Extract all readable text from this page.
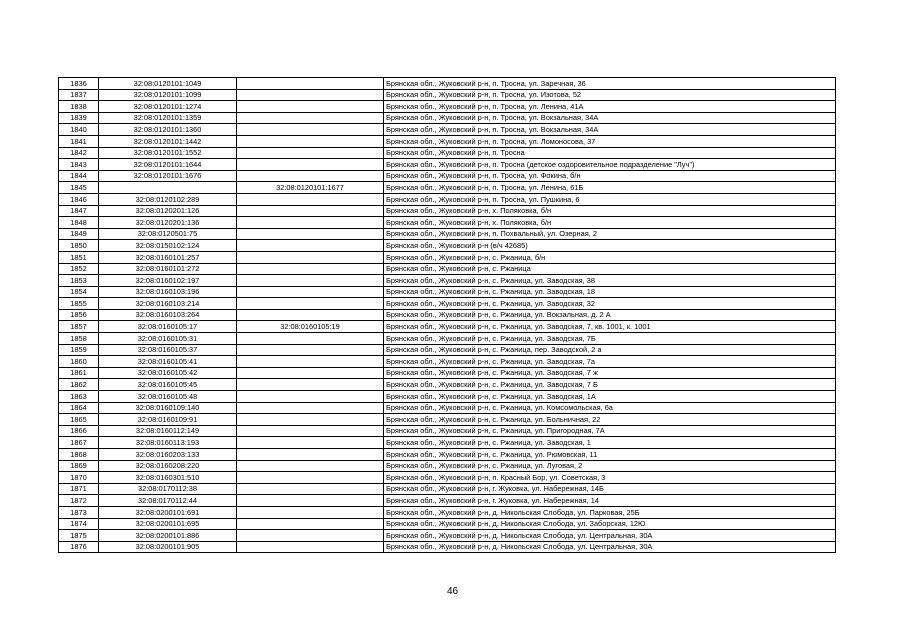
1836	32:08:0120101:1049		Брянская обл., Жуковский р-н, п. Тросна, ул. Заречная, 36
1837	32:08:0120101:1099		Брянская обл., Жуковский р-н, п. Тросна, ул. Изотова, 52
1838	32:08:0120101:1274		Брянская обл., Жуковский р-н, п. Тросна, ул. Ленина, 41А
1839	32:08:0120101:1359		Брянская обл., Жуковский р-н, п. Тросна, ул. Вокзальная, 34А
1840	32:08:0120101:1360		Брянская обл., Жуковский р-н, п. Тросна, ул. Вокзальная, 34А
1841	32:08:0120101:1442		Брянская обл., Жуковский р-н, п. Тросна, ул. Ломоносова, 37
1842	32:08:0120101:1552		Брянская обл., Жуковский р-н, п. Тросна
1843	32:08:0120101:1644		Брянская обл., Жуковский р-н, п. Тросна (детское оздоровительное подразделение "Луч")
1844	32:08:0120101:1676		Брянская обл., Жуковский р-н, п. Тросна, ул. Фокина, б/н
1845		32:08:0120101:1677	Брянская обл., Жуковский р-н, п. Тросна, ул. Ленина, 61Б
1846	32:08:0120102:289		Брянская обл., Жуковский р-н, п. Тросна, ул. Пушкина, 6
1847	32:08:0120201:126		Брянская обл., Жуковский р-н, х. Поляковка, б/н
1848	32:08:0120201:136		Брянская обл., Жуковский р-н, х. Поляковка, б/н
1849	32:08:0120501:75		Брянская обл., Жуковский р-н, п. Похвальный, ул. Озерная, 2
1850	32:08:0150102:124		Брянская обл., Жуковский р-н (в/ч 42685)
1851	32:08:0160101:257		Брянская обл., Жуковский р-н, с. Ржаница, б/н
1852	32:08:0160101:272		Брянская обл., Жуковский р-н, с. Ржаница
1853	32:08:0160102:197		Брянская обл., Жуковский р-н, с. Ржаница, ул. Заводская, 38
1854	32:08:0160103:196		Брянская обл., Жуковский р-н, с. Ржаница, ул. Заводская, 18
1855	32:08:0160103:214		Брянская обл., Жуковский р-н, с. Ржаница, ул. Заводская, 32
1856	32:08:0160103:264		Брянская обл., Жуковский р-н, с. Ржаница, ул. Вокзальная, д. 2 А
1857	32:08:0160105:17	32:08:0160105:19	Брянская обл., Жуковский р-н, с. Ржаница, ул. Заводская, 7, кв. 1001, к. 1001
1858	32:08:0160105:31		Брянская обл., Жуковский р-н, с. Ржаница, ул. Заводская, 7Б
1859	32:08:0160105:37		Брянская обл., Жуковский р-н, с. Ржаница, пер. Заводской, 2 а
1860	32:08:0160105:41		Брянская обл., Жуковский р-н, с. Ржаница, ул. Заводская, 7а
1861	32:08:0160105:42		Брянская обл., Жуковский р-н, с. Ржаница, ул. Заводская, 7 ж
1862	32:08:0160105:45		Брянская обл., Жуковский р-н, с. Ржаница, ул. Заводская, 7 Б
1863	32:08:0160105:48		Брянская обл., Жуковский р-н, с. Ржаница, ул. Заводская, 1А
1864	32:08:0160109:140		Брянская обл., Жуковский р-н, с. Ржаница, ул. Комсомольская, 6а
1865	32:08:0160109:91		Брянская обл., Жуковский р-н, с. Ржаница, ул. Больничная, 22
1866	32:08:0160112:149		Брянская обл., Жуковский р-н, с. Ржаница, ул. Пригородная, 7А
1867	32:08:0160113:193		Брянская обл., Жуковский р-н, с. Ржаница, ул. Заводская, 1
1868	32:08:0160203:133		Брянская обл., Жуковский р-н, с. Ржаница, ул. Рюмовская, 11
1869	32:08:0160208:220		Брянская обл., Жуковский р-н, с. Ржаница, ул. Луговая, 2
1870	32:08:0160301:510		Брянская обл., Жуковский р-н, п. Красный Бор, ул. Советская, 3
1871	32:08:0170112:38		Брянская обл., Жуковский р-н, г. Жуковка, ул. Набережная, 14Б
1872	32:08:0170112:44		Брянская обл., Жуковский р-н, г. Жуковка, ул. Набережная, 14
1873	32:08:0200101:691		Брянская обл., Жуковский р-н, д. Никольская Слобода, ул. Парковая, 25Б
1874	32:08:0200101:695		Брянская обл., Жуковский р-н, д. Никольская Слобода, ул. Заборская, 12Ю
1875	32:08:0200101:886		Брянская обл., Жуковский р-н, д. Никольская Слобода, ул. Центральная, 30А
1876	32:08:0200101:905		Брянская обл., Жуковский р-н, д. Никольская Слобода, ул. Центральная, 30А
46
